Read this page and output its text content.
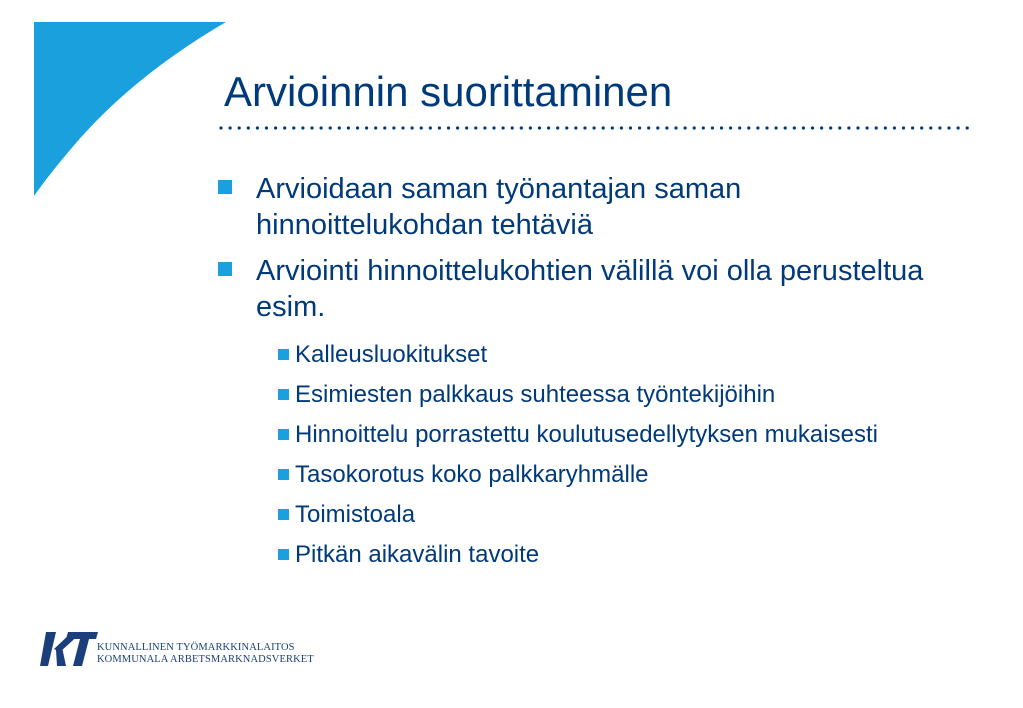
Arvioinnin suorittaminen
Arvioidaan saman työnantajan saman hinnoittelukohdan tehtäviä
Arviointi hinnoittelukohtien välillä voi olla perusteltua esim.
Kalleusluokitukset
Esimiesten palkkaus suhteessa työntekijöihin
Hinnoittelu porrastettu koulutusedellytyksen mukaisesti
Tasokorotus koko palkkaryhmälle
Toimistoala
Pitkän aikavälin tavoite
KUNNALLINEN TYÖMARKKINALAITOS
KOMMUNALA ARBETSMARKNADSVERKET
